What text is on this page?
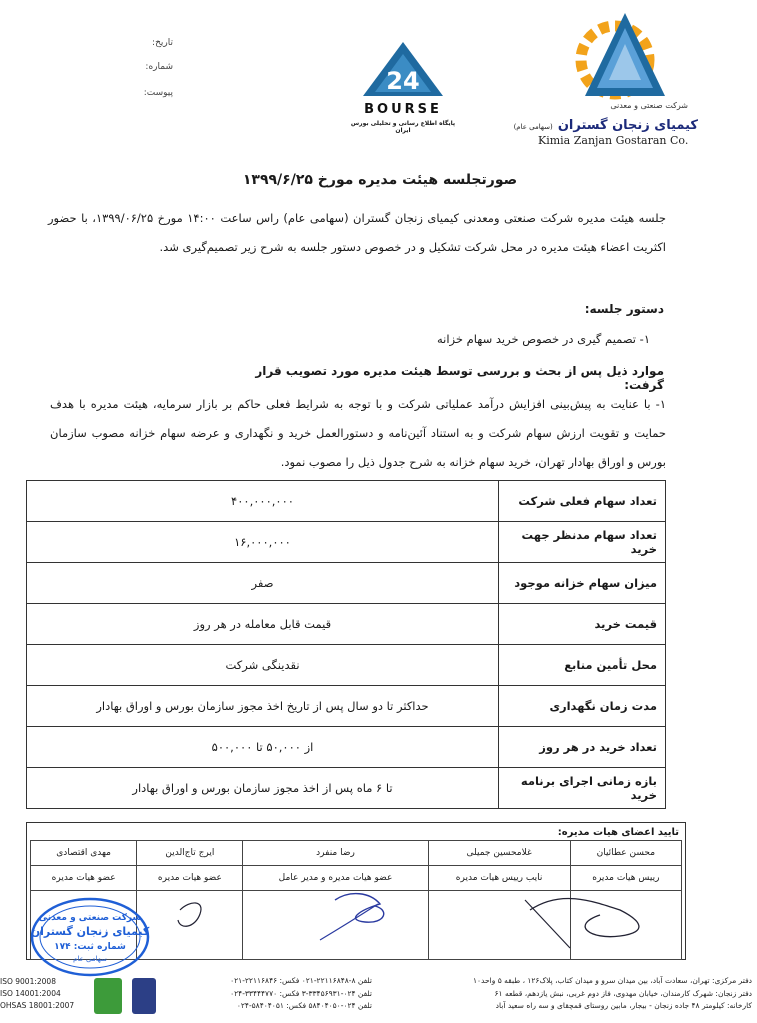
تاریخ:
شماره:
پیوست:	24
BOURSE
پایگاه اطلاع رسانی و تحلیلی بورس ایران
شرکت صنعتی و معدنی
کیمیای زنجان گستران (سهامی عام)
Kimia Zanjan Gostaran Co.
صورتجلسه هیئت مدیره مورخ ۱۳۹۹/۶/۲۵
جلسه هیئت مدیره شرکت صنعتی ومعدنی کیمیای زنجان گستران (سهامی عام) راس ساعت ۱۴:۰۰ مورخ ۱۳۹۹/۰۶/۲۵، با حضور اکثریت اعضاء هیئت مدیره در محل شرکت تشکیل و در خصوص دستور جلسه به شرح زیر تصمیم‌گیری شد.
دستور جلسه:
۱- تصمیم گیری در خصوص خرید سهام خزانه
موارد ذیل پس از بحث و بررسی توسط هیئت مدیره مورد تصویب قرار گرفت:
۱- با عنایت به پیش‌بینی افزایش درآمد عملیاتی شرکت و با توجه به شرایط فعلی حاکم بر بازار سرمایه، هیئت مدیره با هدف حمایت و تقویت ارزش سهام شرکت و به استناد آئین‌نامه و دستورالعمل خرید و نگهداری و عرضه سهام خزانه مصوب سازمان بورس و اوراق بهادار تهران، خرید سهام خزانه به شرح جدول ذیل را مصوب نمود.
تعداد سهام فعلی شرکت	۴۰۰,۰۰۰,۰۰۰
تعداد سهام مدنظر جهت خرید	۱۶,۰۰۰,۰۰۰
میزان سهام خزانه موجود	صفر
قیمت خرید	قیمت قابل معامله در هر روز
محل تأمین منابع	نقدینگی شرکت
مدت زمان نگهداری	حداکثر تا دو سال پس از تاریخ اخذ مجوز سازمان بورس و اوراق بهادار
تعداد خرید در هر روز	از ۵۰,۰۰۰ تا ۵۰۰,۰۰۰
بازه زمانی اجرای برنامه خرید	تا ۶ ماه پس از اخذ مجوز سازمان بورس و اوراق بهادار
تایید اعضای هیات مدیره:
محسن عطائیان	غلامحسین جمیلی	رضا منفرد	ایرج تاج‌الدین	مهدی اقتصادی
رییس هیات مدیره	نایب رییس هیات مدیره	عضو هیات مدیره و مدیر عامل	عضو هیات مدیره	عضو هیات مدیره

شرکت صنعتی و معدنی
کیمیای زنجان گستران
شماره ثبت: ۱۷۴
سهامی عام
دفتر مرکزی: تهران، سعادت آباد، بین میدان سرو و میدان کتاب، پلاک۱۲۶ ، طبقه ۵ واحد۱۰
دفتر زنجان: شهرک کارمندان، خیابان مهدوی، فاز دوم غربی، نبش یازدهم، قطعه ۶۱
کارخانه: کیلومتر ۴۸ جاده زنجان - بیجار، مابین روستای قمچقای و سه راه سعید آباد
تلفن ۸-۲۲۱۱۶۸۴۸-۰۲۱ فکس: ۲۲۱۱۶۸۴۶-۰۲۱
تلفن ۰۲۴-۳۳۴۵۶۹۳۱-۳ فکس: ۳۳۴۴۴۷۷۰-۰۲۴
تلفن ۰۲۴-۵۸۴۰۴۰۵۰ فکس: ۵۸۴۰۴۰۵۱-۰۲۴
ISO 9001:2008
ISO 14001:2004
OHSAS 18001:2007
